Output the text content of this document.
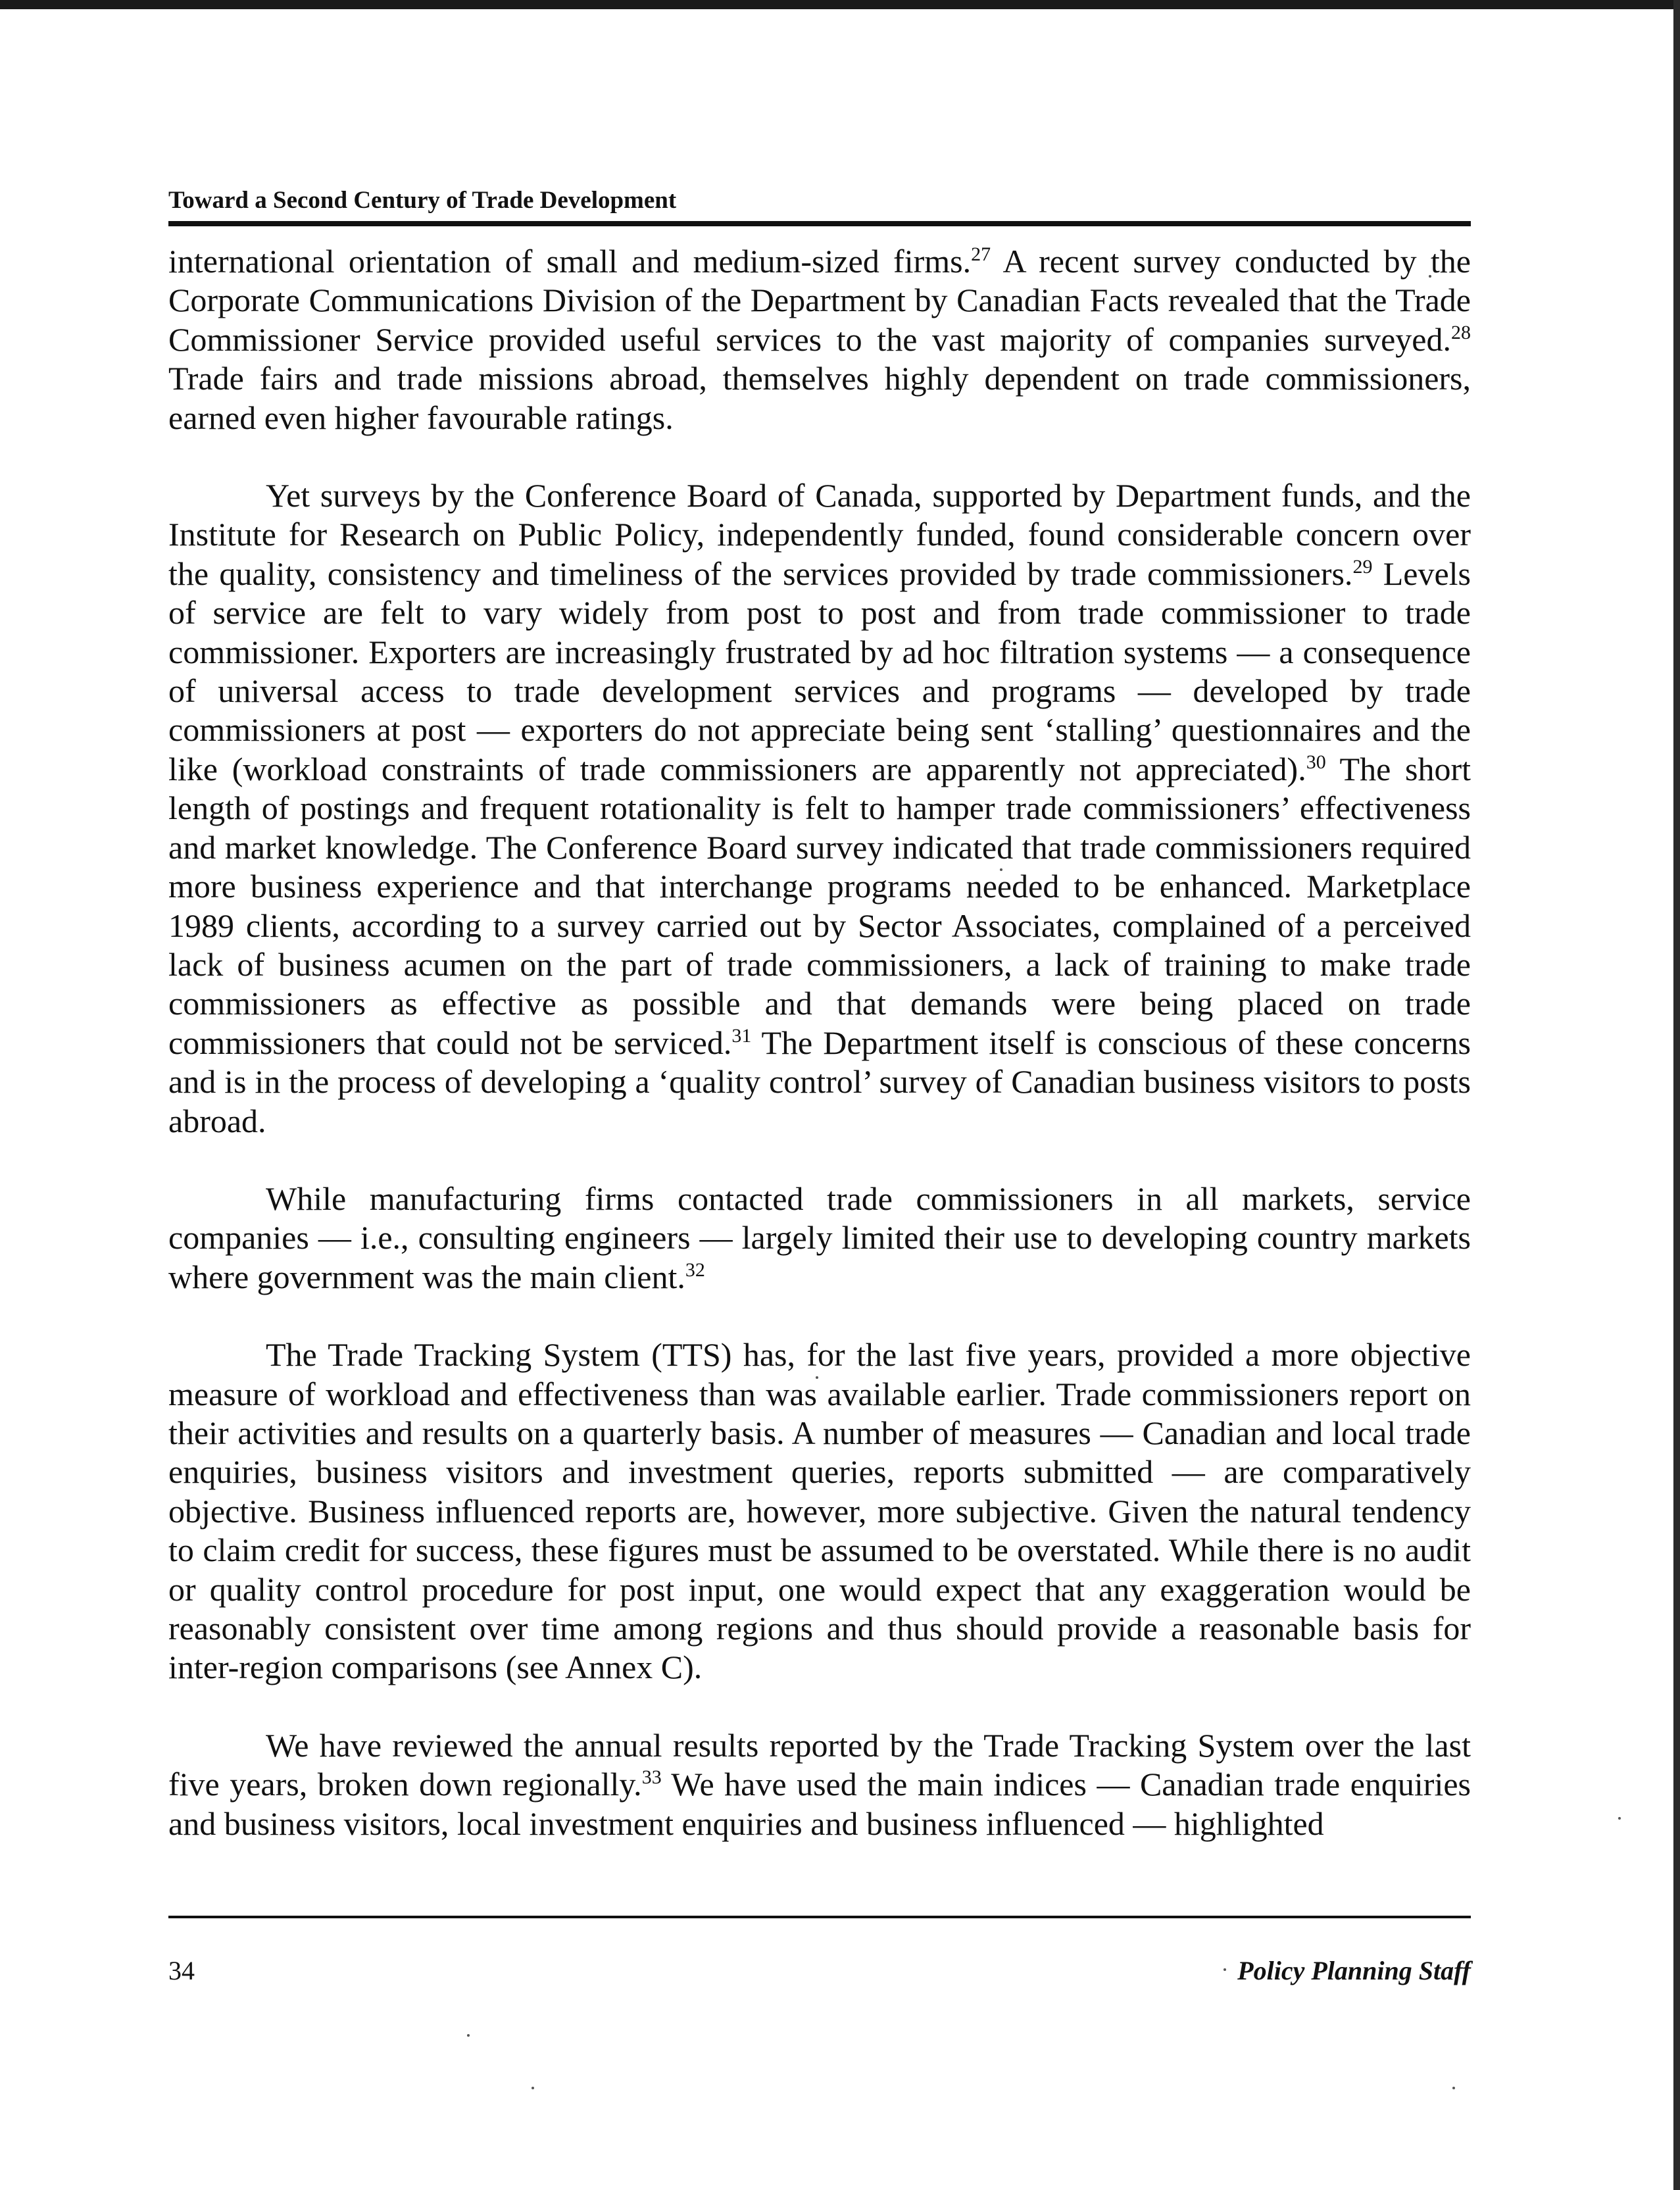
Toward a Second Century of Trade Development

international orientation of small and medium-sized firms.$^{27}$ A recent survey conducted by the Corporate Communications Division of the Department by Canadian Facts revealed that the Trade Commissioner Service provided useful services to the vast majority of companies surveyed.$^{28}$ Trade fairs and trade missions abroad, themselves highly dependent on trade commissioners, earned even higher favourable ratings.

Yet surveys by the Conference Board of Canada, supported by Department funds, and the Institute for Research on Public Policy, independently funded, found considerable concern over the quality, consistency and timeliness of the services provided by trade commissioners.$^{29}$ Levels of service are felt to vary widely from post to post and from trade commissioner to trade commissioner. Exporters are increasingly frustrated by ad hoc filtration systems — a consequence of universal access to trade development services and programs — developed by trade commissioners at post — exporters do not appreciate being sent ‘stalling’ questionnaires and the like (workload constraints of trade commissioners are apparently not appreciated).$^{30}$ The short length of postings and frequent rotationality is felt to hamper trade commissioners’ effectiveness and market knowledge. The Conference Board survey indicated that trade commissioners required more business experience and that interchange programs needed to be enhanced. Marketplace 1989 clients, according to a survey carried out by Sector Associates, complained of a perceived lack of business acumen on the part of trade commissioners, a lack of training to make trade commissioners as effective as possible and that demands were being placed on trade commissioners that could not be serviced.$^{31}$ The Department itself is conscious of these concerns and is in the process of developing a ‘quality control’ survey of Canadian business visitors to posts abroad.

While manufacturing firms contacted trade commissioners in all markets, service companies — i.e., consulting engineers — largely limited their use to developing country markets where government was the main client.$^{32}$

The Trade Tracking System (TTS) has, for the last five years, provided a more objective measure of workload and effectiveness than was available earlier. Trade commissioners report on their activities and results on a quarterly basis. A number of measures — Canadian and local trade enquiries, business visitors and investment queries, reports submitted — are comparatively objective. Business influenced reports are, however, more subjective. Given the natural tendency to claim credit for success, these figures must be assumed to be overstated. While there is no audit or quality control procedure for post input, one would expect that any exaggeration would be reasonably consistent over time among regions and thus should provide a reasonable basis for inter-region comparisons (see Annex C).

We have reviewed the annual results reported by the Trade Tracking System over the last five years, broken down regionally.$^{33}$ We have used the main indices — Canadian trade enquiries and business visitors, local investment enquiries and business influenced — highlighted

34	Policy Planning Staff
